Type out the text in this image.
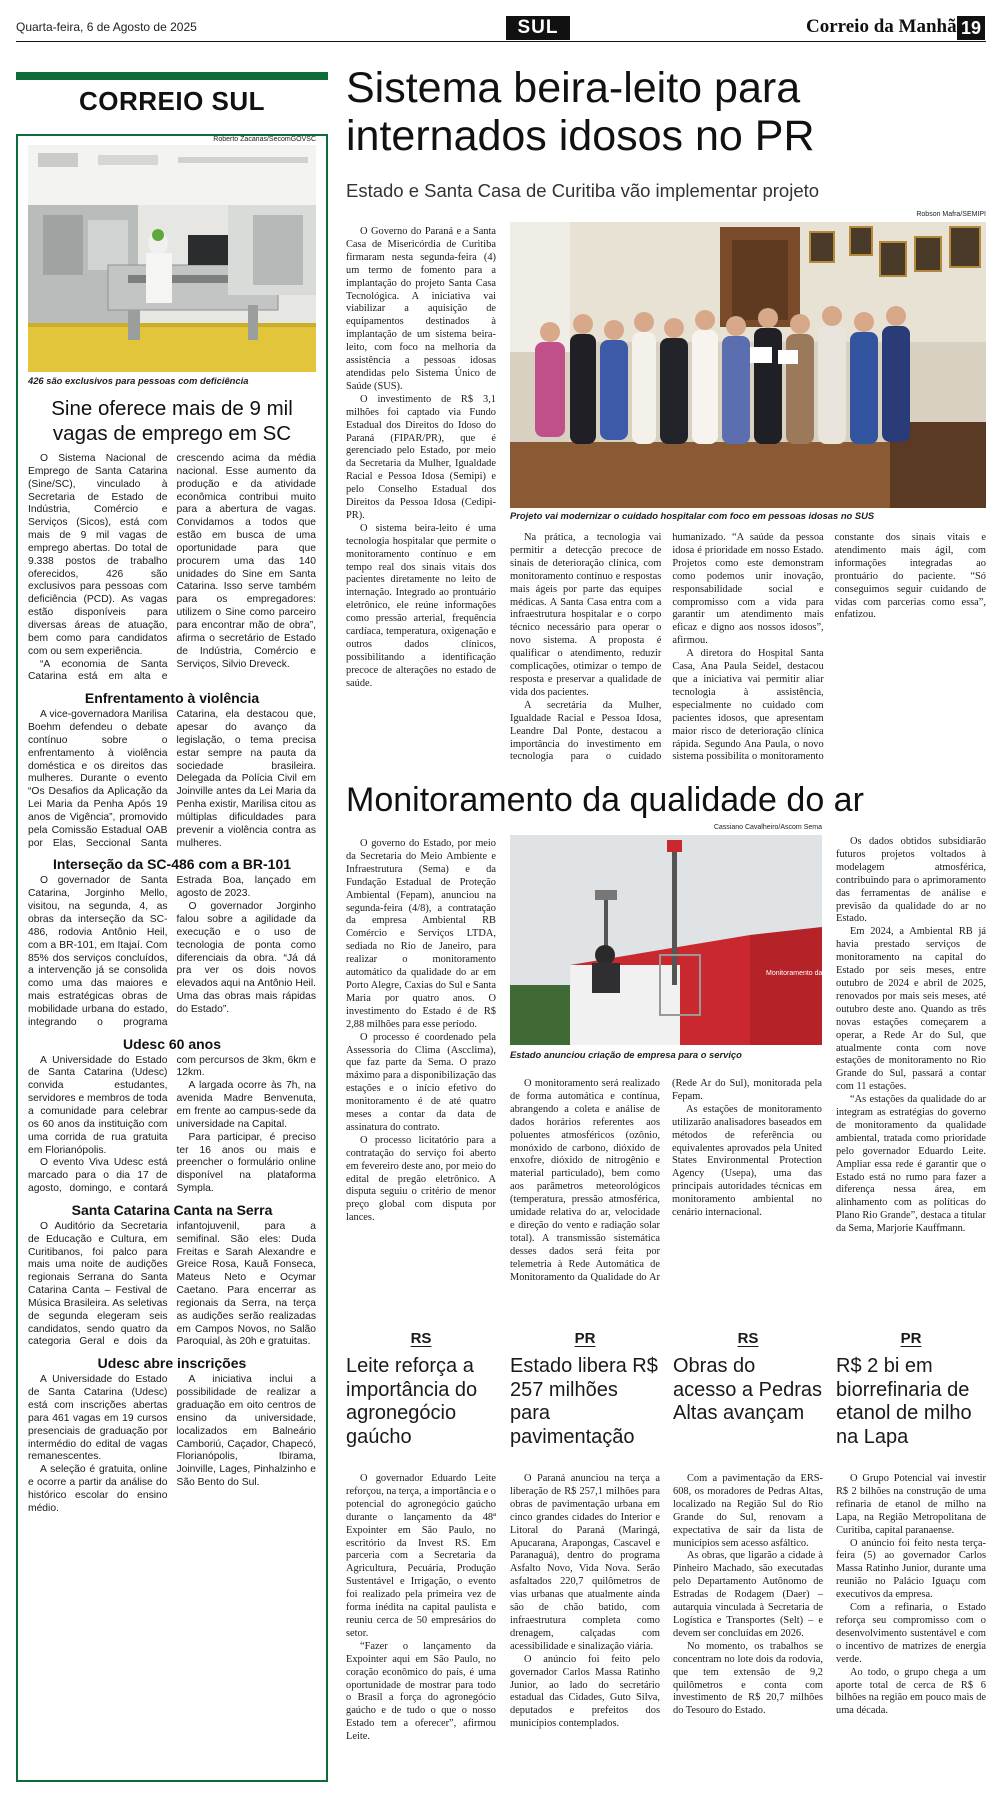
Quarta-feira, 6 de Agosto de 2025	SUL	Correio da Manhã 19
CORREIO SUL
Roberto Zacarias/SecomGOVSC
426 são exclusivos para pessoas com deficiência
Sine oferece mais de 9 mil vagas de emprego em SC

O Sistema Nacional de Emprego de Santa Catarina (Sine/SC), vinculado à Secretaria de Estado de Indústria, Comércio e Serviços (Sicos), está com mais de 9 mil vagas de emprego abertas. Do total de 9.338 postos de trabalho oferecidos, 426 são exclusivos para pessoas com deficiência (PCD). As vagas estão disponíveis para diversas áreas de atuação, bem como para candidatos com ou sem experiência.

“A economia de Santa Catarina está em alta e crescendo acima da média nacional. Esse aumento da produção e da atividade econômica contribui muito para a abertura de vagas. Convidamos a todos que estão em busca de uma oportunidade para que procurem uma das 140 unidades do Sine em Santa Catarina. Isso serve também para os empregadores: utilizem o Sine como parceiro para encontrar mão de obra”, afirma o secretário de Estado de Indústria, Comércio e Serviços, Silvio Dreveck.

Enfrentamento à violência

A vice-governadora Marilisa Boehm defendeu o debate contínuo sobre o enfrentamento à violência doméstica e os direitos das mulheres. Durante o evento “Os Desafios da Aplicação da Lei Maria da Penha Após 19 anos de Vigência”, promovido pela Comissão Estadual OAB por Elas, Seccional Santa Catarina, ela destacou que, apesar do avanço da legislação, o tema precisa estar sempre na pauta da sociedade brasileira. Delegada da Polícia Civil em Joinville antes da Lei Maria da Penha existir, Marilisa citou as múltiplas dificuldades para prevenir a violência contra as mulheres.

Interseção da SC-486 com a BR-101

O governador de Santa Catarina, Jorginho Mello, visitou, na segunda, 4, as obras da interseção da SC-486, rodovia Antônio Heil, com a BR-101, em Itajaí. Com 85% dos serviços concluídos, a intervenção já se consolida como uma das maiores e mais estratégicas obras de mobilidade urbana do estado, integrando o programa Estrada Boa, lançado em agosto de 2023.

O governador Jorginho falou sobre a agilidade da execução e o uso de tecnologia de ponta como diferenciais da obra. “Já dá pra ver os dois novos elevados aqui na Antônio Heil. Uma das obras mais rápidas do Estado”.

Udesc 60 anos

A Universidade do Estado de Santa Catarina (Udesc) convida estudantes, servidores e membros de toda a comunidade para celebrar os 60 anos da instituição com uma corrida de rua gratuita em Florianópolis.

O evento Viva Udesc está marcado para o dia 17 de agosto, domingo, e contará com percursos de 3km, 6km e 12km.

A largada ocorre às 7h, na avenida Madre Benvenuta, em frente ao campus-sede da universidade na Capital.

Para participar, é preciso ter 16 anos ou mais e preencher o formulário online disponível na plataforma Sympla.

Santa Catarina Canta na Serra

O Auditório da Secretaria de Educação e Cultura, em Curitibanos, foi palco para mais uma noite de audições regionais Serrana do Santa Catarina Canta – Festival de Música Brasileira. As seletivas de segunda elegeram seis candidatos, sendo quatro da categoria Geral e dois da infantojuvenil, para a semifinal. São eles: Duda Freitas e Sarah Alexandre e Greice Rosa, Kauã Fonseca, Mateus Neto e Ocymar Caetano. Para encerrar as regionais da Serra, na terça as audições serão realizadas em Campos Novos, no Salão Paroquial, às 20h e gratuitas.

Udesc abre inscrições

A Universidade do Estado de Santa Catarina (Udesc) está com inscrições abertas para 461 vagas em 19 cursos presenciais de graduação por intermédio do edital de vagas remanescentes.

A seleção é gratuita, online e ocorre a partir da análise do histórico escolar do ensino médio.

A iniciativa inclui a possibilidade de realizar a graduação em oito centros de ensino da universidade, localizados em Balneário Camboriú, Caçador, Chapecó, Florianópolis, Ibirama, Joinville, Lages, Pinhalzinho e São Bento do Sul.

Sistema beira-leito para internados idosos no PR
Estado e Santa Casa de Curitiba vão implementar projeto

O Governo do Paraná e a Santa Casa de Misericórdia de Curitiba firmaram nesta segunda-feira (4) um termo de fomento para a implantação do projeto Santa Casa Tecnológica. A iniciativa vai viabilizar a aquisição de equipamentos destinados à implantação de um sistema beira-leito, com foco na melhoria da assistência a pessoas idosas atendidas pelo Sistema Único de Saúde (SUS).

O investimento de R$ 3,1 milhões foi captado via Fundo Estadual dos Direitos do Idoso do Paraná (FIPAR/PR), que é gerenciado pelo Estado, por meio da Secretaria da Mulher, Igualdade Racial e Pessoa Idosa (Semipi) e pelo Conselho Estadual dos Direitos da Pessoa Idosa (Cedipi-PR).

O sistema beira-leito é uma tecnologia hospitalar que permite o monitoramento contínuo e em tempo real dos sinais vitais dos pacientes diretamente no leito de internação. Integrado ao prontuário eletrônico, ele reúne informações como pressão arterial, frequência cardíaca, temperatura, oxigenação e outros dados clínicos, possibilitando a identificação precoce de alterações no estado de saúde.

Robson Mafra/SEMIPI
Projeto vai modernizar o cuidado hospitalar com foco em pessoas idosas no SUS

Na prática, a tecnologia vai permitir a detecção precoce de sinais de deterioração clínica, com monitoramento contínuo e respostas mais ágeis por parte das equipes médicas. A Santa Casa entra com a infraestrutura hospitalar e o corpo técnico necessário para operar o novo sistema. A proposta é qualificar o atendimento, reduzir complicações, otimizar o tempo de resposta e preservar a qualidade de vida dos pacientes.

A secretária da Mulher, Igualdade Racial e Pessoa Idosa, Leandre Dal Ponte, destacou a importância do investimento em tecnologia para o cuidado humanizado. “A saúde da pessoa idosa é prioridade em nosso Estado. Projetos como este demonstram como podemos unir inovação, responsabilidade social e compromisso com a vida para garantir um atendimento mais eficaz e digno aos nossos idosos”, afirmou.

A diretora do Hospital Santa Casa, Ana Paula Seidel, destacou que a iniciativa vai permitir aliar tecnologia à assistência, especialmente no cuidado com pacientes idosos, que apresentam maior risco de deterioração clínica rápida. Segundo Ana Paula, o novo sistema possibilita o monitoramento constante dos sinais vitais e atendimento mais ágil, com informações integradas ao prontuário do paciente. “Só conseguimos seguir cuidando de vidas com parcerias como essa”, enfatizou.

Monitoramento da qualidade do ar

O governo do Estado, por meio da Secretaria do Meio Ambiente e Infraestrutura (Sema) e da Fundação Estadual de Proteção Ambiental (Fepam), anunciou na segunda-feira (4/8), a contratação da empresa Ambiental RB Comércio e Serviços LTDA, sediada no Rio de Janeiro, para realizar o monitoramento automático da qualidade do ar em Porto Alegre, Caxias do Sul e Santa Maria por quatro anos. O investimento do Estado é de R$ 2,88 milhões para esse período.

O processo é coordenado pela Assessoria do Clima (Ascclima), que faz parte da Sema. O prazo máximo para a disponibilização das estações e o início efetivo do monitoramento é de até quatro meses a contar da data de assinatura do contrato.

O processo licitatório para a contratação do serviço foi aberto em fevereiro deste ano, por meio do edital de pregão eletrônico. A disputa seguiu o critério de menor preço global com disputa por lances.

Cassiano Cavalheiro/Ascom Sema
Monitoramento da qualidade do ar
Estado anunciou criação de empresa para o serviço

O monitoramento será realizado de forma automática e contínua, abrangendo a coleta e análise de dados horários referentes aos poluentes atmosféricos (ozônio, monóxido de carbono, dióxido de enxofre, dióxido de nitrogênio e material particulado), bem como aos parâmetros meteorológicos (temperatura, pressão atmosférica, umidade relativa do ar, velocidade e direção do vento e radiação solar total). A transmissão sistemática desses dados será feita por telemetria à Rede Automática de Monitoramento da Qualidade do Ar (Rede Ar do Sul), monitorada pela Fepam.

As estações de monitoramento utilizarão analisadores baseados em métodos de referência ou equivalentes aprovados pela United States Environmental Protection Agency (Usepa), uma das principais autoridades técnicas em monitoramento ambiental no cenário internacional.

Os dados obtidos subsidiarão futuros projetos voltados à modelagem atmosférica, contribuindo para o aprimoramento das ferramentas de análise e previsão da qualidade do ar no Estado.

Em 2024, a Ambiental RB já havia prestado serviços de monitoramento na capital do Estado por seis meses, entre outubro de 2024 e abril de 2025, renovados por mais seis meses, até outubro deste ano. Quando as três novas estações começarem a operar, a Rede Ar do Sul, que atualmente conta com nove estações de monitoramento no Rio Grande do Sul, passará a contar com 11 estações.

“As estações da qualidade do ar integram as estratégias do governo de monitoramento da qualidade ambiental, tratada como prioridade pelo governador Eduardo Leite. Ampliar essa rede é garantir que o Estado está no rumo para fazer a diferença nessa área, em alinhamento com as políticas do Plano Rio Grande”, destaca a titular da Sema, Marjorie Kauffmann.

RS
Leite reforça a importância do agronegócio gaúcho

O governador Eduardo Leite reforçou, na terça, a importância e o potencial do agronegócio gaúcho durante o lançamento da 48ª Expointer em São Paulo, no escritório da Invest RS. Em parceria com a Secretaria da Agricultura, Pecuária, Produção Sustentável e Irrigação, o evento foi realizado pela primeira vez de forma inédita na capital paulista e reuniu cerca de 50 empresários do setor.

“Fazer o lançamento da Expointer aqui em São Paulo, no coração econômico do país, é uma oportunidade de mostrar para todo o Brasil a força do agronegócio gaúcho e de tudo o que o nosso Estado tem a oferecer”, afirmou Leite.

PR
Estado libera R$ 257 milhões para pavimentação

O Paraná anunciou na terça a liberação de R$ 257,1 milhões para obras de pavimentação urbana em cinco grandes cidades do Interior e Litoral do Paraná (Maringá, Apucarana, Arapongas, Cascavel e Paranaguá), dentro do programa Asfalto Novo, Vida Nova. Serão asfaltados 220,7 quilômetros de vias urbanas que atualmente ainda são de chão batido, com infraestrutura completa como drenagem, calçadas com acessibilidade e sinalização viária.

O anúncio foi feito pelo governador Carlos Massa Ratinho Junior, ao lado do secretário estadual das Cidades, Guto Silva, deputados e prefeitos dos municípios contemplados.

RS
Obras do acesso a Pedras Altas avançam

Com a pavimentação da ERS-608, os moradores de Pedras Altas, localizado na Região Sul do Rio Grande do Sul, renovam a expectativa de sair da lista de municípios sem acesso asfáltico.

As obras, que ligarão a cidade à Pinheiro Machado, são executadas pelo Departamento Autônomo de Estradas de Rodagem (Daer) – autarquia vinculada à Secretaria de Logística e Transportes (Selt) – e devem ser concluídas em 2026.

No momento, os trabalhos se concentram no lote dois da rodovia, que tem extensão de 9,2 quilômetros e conta com investimento de R$ 20,7 milhões do Tesouro do Estado.

PR
R$ 2 bi em biorrefinaria de etanol de milho na Lapa

O Grupo Potencial vai investir R$ 2 bilhões na construção de uma refinaria de etanol de milho na Lapa, na Região Metropolitana de Curitiba, capital paranaense.

O anúncio foi feito nesta terça-feira (5) ao governador Carlos Massa Ratinho Junior, durante uma reunião no Palácio Iguaçu com executivos da empresa.

Com a refinaria, o Estado reforça seu compromisso com o desenvolvimento sustentável e com o incentivo de matrizes de energia verde.

Ao todo, o grupo chega a um aporte total de cerca de R$ 6 bilhões na região em pouco mais de uma década.
